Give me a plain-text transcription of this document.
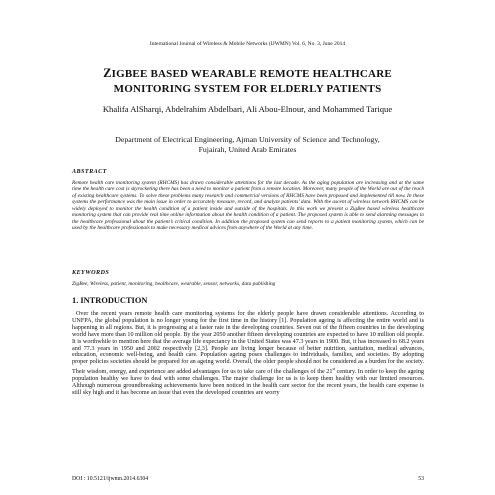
International Journal of Wireless & Mobile Networks (IJWMN) Vol. 6, No. 3, June 2014
ZIGBEE BASED WEARABLE REMOTE HEALTHCARE
MONITORING SYSTEM FOR ELDERLY PATIENTS
Khalifa AlSharqi, Abdelrahim Abdelbari, Ali Abou-Elnour, and Mohammed Tarique
Department of Electrical Engineering, Ajman University of Science and Technology,
Fujairah, United Arab Emirates
ABSTRACT
Remote health care monitoring system (RHCMS) has drawn considerable attentions for the last decade. As the aging population are increasing and at the same time the health care cost is skyrocketing there has been a need to monitor a patient from a remote location. Moreover, many people of the World are out of the reach of existing healthcare systems. To solve these problems many research and commercial versions of RHCMS have been proposed and implemented till now. In these systems the performance was the main issue in order to accurately measure, record, and analyze patients’ data. With the ascent of wireless network RHCMS can be widely deployed to monitor the health condition of a patient inside and outside of the hospitals. In this work we present a ZigBee based wireless healthcare monitoring system that can provide real time online information about the health condition of a patient. The proposed system is able to send alarming messages to the healthcare professional about the patient’s critical condition. In addition the proposed system can send reports to a patient monitoring system, which can be used by the healthcare professionals to make necessary medical advices from anywhere of the World at any time.
KEYWORDS
ZigBee, Wireless, patient, monitoring, healthcare, wearable, sensor, networks, data publishing
1. INTRODUCTION

Over the recent years remote health care monitoring systems for the elderly people have drawn considerable attentions. According to UNFPA, the global population is no longer young for the first time in the history [1]. Population ageing is affecting the entire world and is happening in all regions. But, it is progressing at a faster rate in the developing countries. Seven out of the fifteen countries in the developing world have more than 10 million old people. By the year 2050 another fifteen developing countries are expected to have 10 million old people. It is worthwhile to mention here that the average life expectancy in the United States was 47.3 years in 1900. But, it has increased to 68.2 years and 77.3 years in 1950 and 2002 respectively [2,3]. People are living longer because of better nutrition, sanitation, medical advances, education, economic well-being, and health care. Population ageing poses challenges to individuals, families, and societies. By adopting proper policies societies should be prepared for an ageing world. Overall, the older people should not be considered as a burden for the society. Their wisdom, energy, and experience are added advantages for us to take care of the challenges of the 21st century. In order to keep the ageing population healthy we have to deal with some challenges. The major challenge for us is to keep them healthy with our limited resources. Although numerous groundbreaking achievements have been noticed in the health care sector for the recent years, the health care expense is still sky high and it has become an issue that even the developed countries are worry

DOI : 10.5121/ijwmn.2014.6304	53
